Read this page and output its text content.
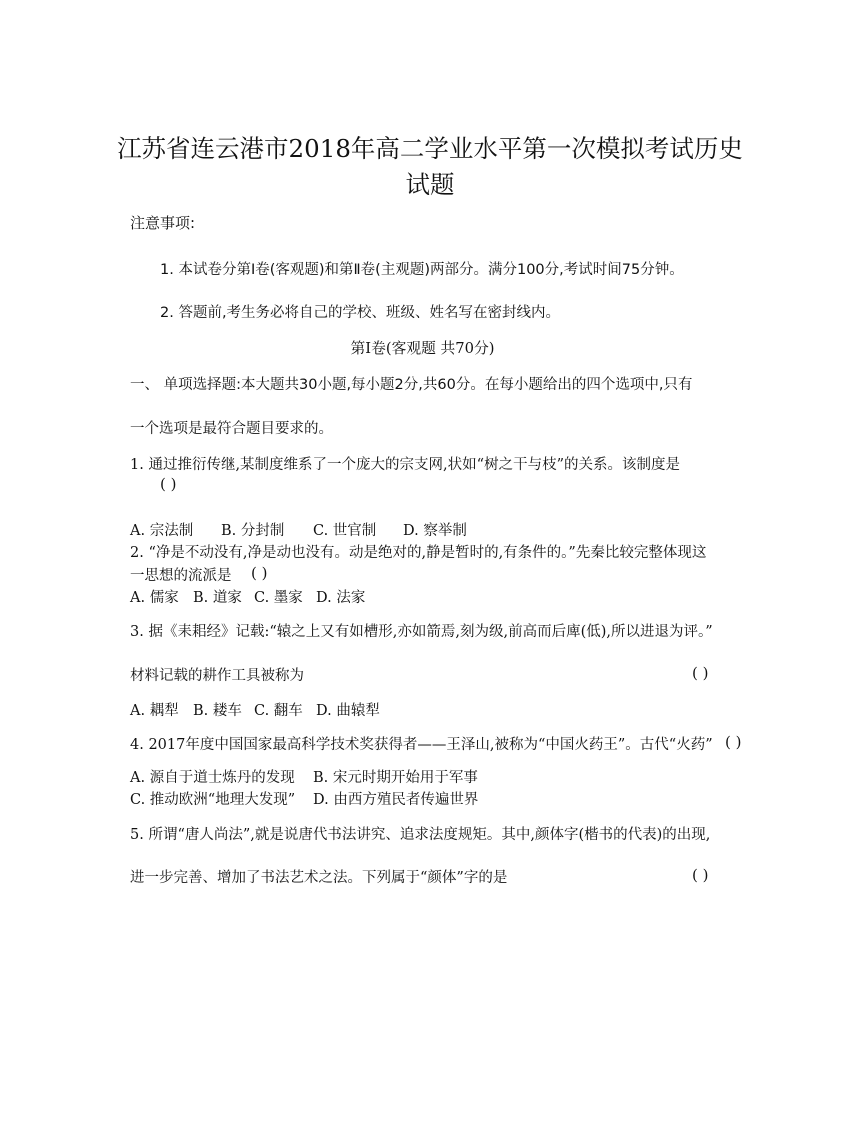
江苏省连云港市2018年高二学业水平第一次模拟考试历史
试题
注意事项:
1. 本试卷分第Ⅰ卷(客观题)和第Ⅱ卷(主观题)两部分。满分100分,考试时间75分钟。
2. 答题前,考生务必将自己的学校、班级、姓名写在密封线内。
第Ⅰ卷(客观题 共70分)
一、 单项选择题:本大题共30小题,每小题2分,共60分。在每小题给出的四个选项中,只有
一个选项是最符合题目要求的。
1. 通过推衍传继,某制度维系了一个庞大的宗支网,状如“树之干与枝”的关系。该制度是
( )
A. 宗法制 B. 分封制 C. 世官制 D. 察举制
2. “净是不动没有,净是动也没有。动是绝对的,静是暂时的,有条件的。”先秦比较完整体现这
一思想的流派是 ( )
A. 儒家 B. 道家 C. 墨家 D. 法家
3. 据《耒耜经》记载:“辕之上又有如槽形,亦如箭焉,刻为级,前高而后庳(低),所以进退为评。”
材料记载的耕作工具被称为	( )
A. 耦犁 B. 耧车 C. 翻车 D. 曲辕犁
4. 2017年度中国国家最高科学技术奖获得者——王泽山,被称为“中国火药王”。古代“火药” ( )
A. 源自于道士炼丹的发现 B. 宋元时期开始用于军事
C. 推动欧洲“地理大发现” D. 由西方殖民者传遍世界
5. 所谓“唐人尚法”,就是说唐代书法讲究、追求法度规矩。其中,颜体字(楷书的代表)的出现,
进一步完善、增加了书法艺术之法。下列属于“颜体”字的是	( )
